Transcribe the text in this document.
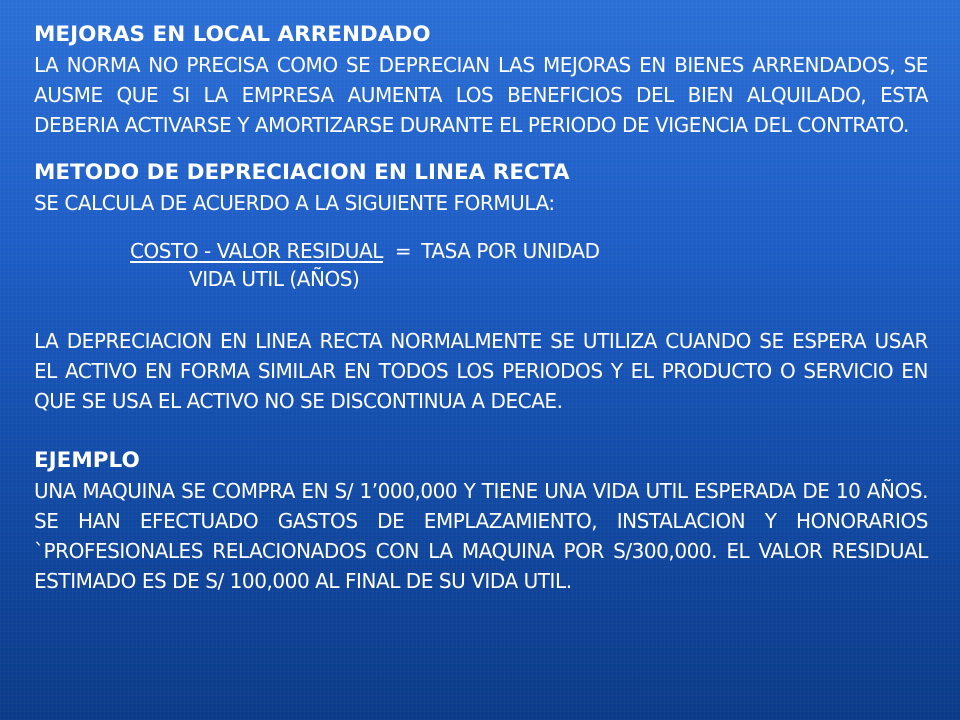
MEJORAS EN LOCAL ARRENDADO

LA NORMA NO PRECISA COMO SE DEPRECIAN LAS MEJORAS EN BIENES ARRENDADOS, SE AUSME QUE SI LA EMPRESA AUMENTA LOS BENEFICIOS DEL BIEN ALQUILADO, ESTA DEBERIA ACTIVARSE Y AMORTIZARSE DURANTE EL PERIODO DE VIGENCIA DEL CONTRATO.

METODO DE DEPRECIACION EN LINEA RECTA

SE CALCULA DE ACUERDO A LA SIGUIENTE FORMULA:

COSTO - VALOR RESIDUAL = TASA POR UNIDAD
VIDA UTIL (AÑOS)

LA DEPRECIACION EN LINEA RECTA NORMALMENTE SE UTILIZA CUANDO SE ESPERA USAR EL ACTIVO EN FORMA SIMILAR EN TODOS LOS PERIODOS Y EL PRODUCTO O SERVICIO EN QUE SE USA EL ACTIVO NO SE DISCONTINUA A DECAE.

EJEMPLO

UNA MAQUINA SE COMPRA EN S/ 1’000,000 Y TIENE UNA VIDA UTIL ESPERADA DE 10 AÑOS. SE HAN EFECTUADO GASTOS DE EMPLAZAMIENTO, INSTALACION Y HONORARIOS `PROFESIONALES RELACIONADOS CON LA MAQUINA POR S/300,000. EL VALOR RESIDUAL ESTIMADO ES DE S/ 100,000 AL FINAL DE SU VIDA UTIL.
